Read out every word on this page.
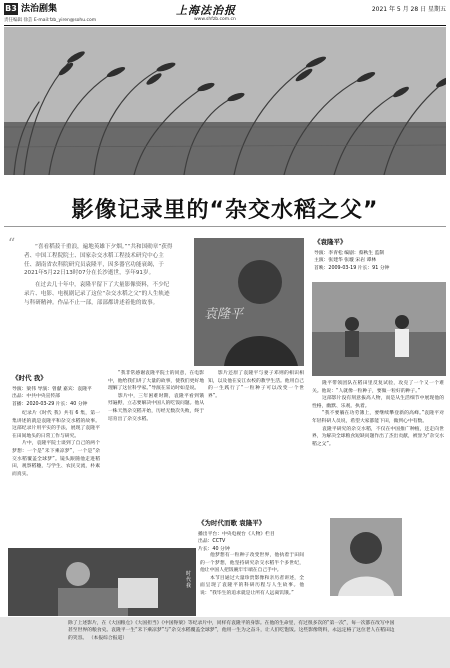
B3 法治剧集	上海法治报	2021 年 5 月 28 日 星期五
责任编辑 徐芸 E-mail:fzb_yiren@sohu.com	www.shfzb.com.cn
影像记录里的“杂交水稻之父”
“	“喜看稻菽千重浪，遍地英雄下夕烟。”“共和国勋章”获得者、中国工程院院士、国家杂交水稻工程技术研究中心主任、湖南省农科院研究员袁隆平，因多器官功能衰竭，于2021年5月22日13时07分在长沙逝世，享年91岁。

在过去几十年中，袁隆平留下了大量影像资料，不少纪录片、电影、电视剧记录了这位“杂交水稻之父”的人生轨迹与科研精神。作品不止一部，部部都讲述着他的故事。

袁隆平
《袁隆平》
导演：李青松 编剧：蔡秋生 监制
主演：张建华 张璇 宋岩 谭林
首映：2009-03-19 片长：91 分钟
《时代 我》
导演：梁伟 导演：曾献 嘉宾：袁隆平
出品：中共中央宣传部
首播：2020-03-29 片长：40 分钟

纪录片《时代 我》共有 6 集，第一集讲述的就是袁隆平和杂交水稻的故事。这部纪录片用平实的手法，展现了袁隆平在田间地头的日常工作与研究。

片中，袁隆平院士谈到了自己的两个梦想：一个是“禾下乘凉梦”，一个是“杂交水稻覆盖全球梦”。镜头跟随他走进稻田，观察稻穗，与学生、农民交流，朴素而真实。

“我非常感谢袁隆平院士的同意，在电影中，他给我们讲了大量的故事，使我们更好地理解了这位科学家。”导演在采访时如是说。

影片中，三年困难时期，袁隆平看到饿殍遍野，立志要解决中国人的吃饭问题。他从一株天然杂交稻开始，历经无数次失败，终于培育出了杂交水稻。

影片还原了袁隆平与妻子邓则的相识相知，以及他在安江农校的教学生活。他用自己的一生践行了“一粒种子可以改变一个世界”。

隆平带领团队在稻田里反复试验，攻克了一个又一个难关。他说：“人就像一粒种子，要做一粒好的种子。”

这部影片没有刻意拔高人物，而是从生活细节中展现他的性格，幽默、乐观、执着。

“我不要躺在功劳簿上，要继续攀登新的高峰。”袁隆平对年轻科研人员说，希望大家都能下田，做到心中有数。

袁隆平研究的杂交水稻，不仅在中国推广种植，还走向世界，为解决全球粮食短缺问题作出了杰出贡献，被誉为“杂交水稻之父”。

《为时代而歌 袁隆平》
播出平台：中央电视台《人物》栏目
出品：CCTV
片长：40 分钟
时代我

他梦想有一粒种子改变世界，他执着于田间的一个梦想，他坚持研究杂交水稻半个多世纪，他让中国人把饭碗牢牢端在自己手中。

本节目通过大量珍贵影像和亲历者讲述，全面呈现了袁隆平的科研历程与人生故事。他说：“我毕生的追求就是让所有人远离饥饿。”

除了上述影片，在《大国粮仓》《大国担当》《中国脊梁》等纪录片中，同样有袁隆平的身影。在他的生命里，有过很多次的“第一次”，每一次都在改写中国甚至世界的粮食史。袁隆平一生“禾下乘凉梦”与“杂交水稻覆盖全球梦”，他用一生为之奋斗，让人们吃饱饭。这些影像资料，永远定格了这位老人在稻田边的笑容。 （本报综合报道）
